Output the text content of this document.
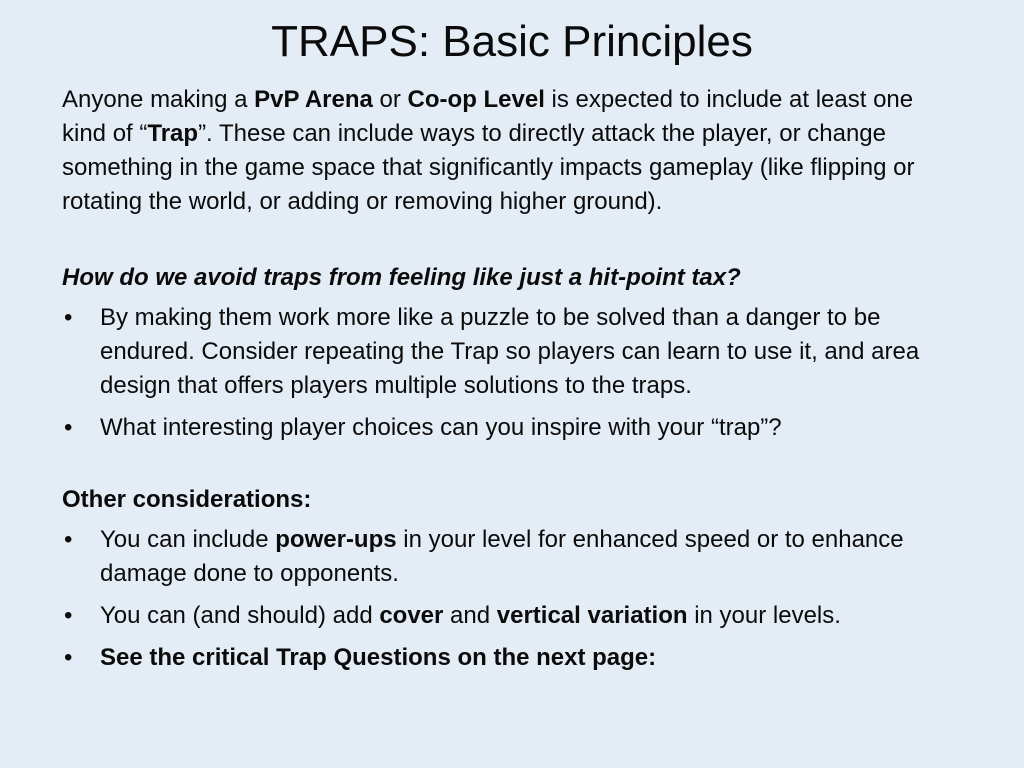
TRAPS: Basic Principles

Anyone making a PvP Arena or Co-op Level is expected to include at least one kind of “Trap”. These can include ways to directly attack the player, or change something in the game space that significantly impacts gameplay (like flipping or rotating the world, or adding or removing higher ground).

How do we avoid traps from feeling like just a hit-point tax?

•	By making them work more like a puzzle to be solved than a danger to be endured. Consider repeating the Trap so players can learn to use it, and area design that offers players multiple solutions to the traps.
•	What interesting player choices can you inspire with your “trap”?

Other considerations:

•	You can include power-ups in your level for enhanced speed or to enhance damage done to opponents.
•	You can (and should) add cover and vertical variation in your levels.
•	See the critical Trap Questions on the next page:
